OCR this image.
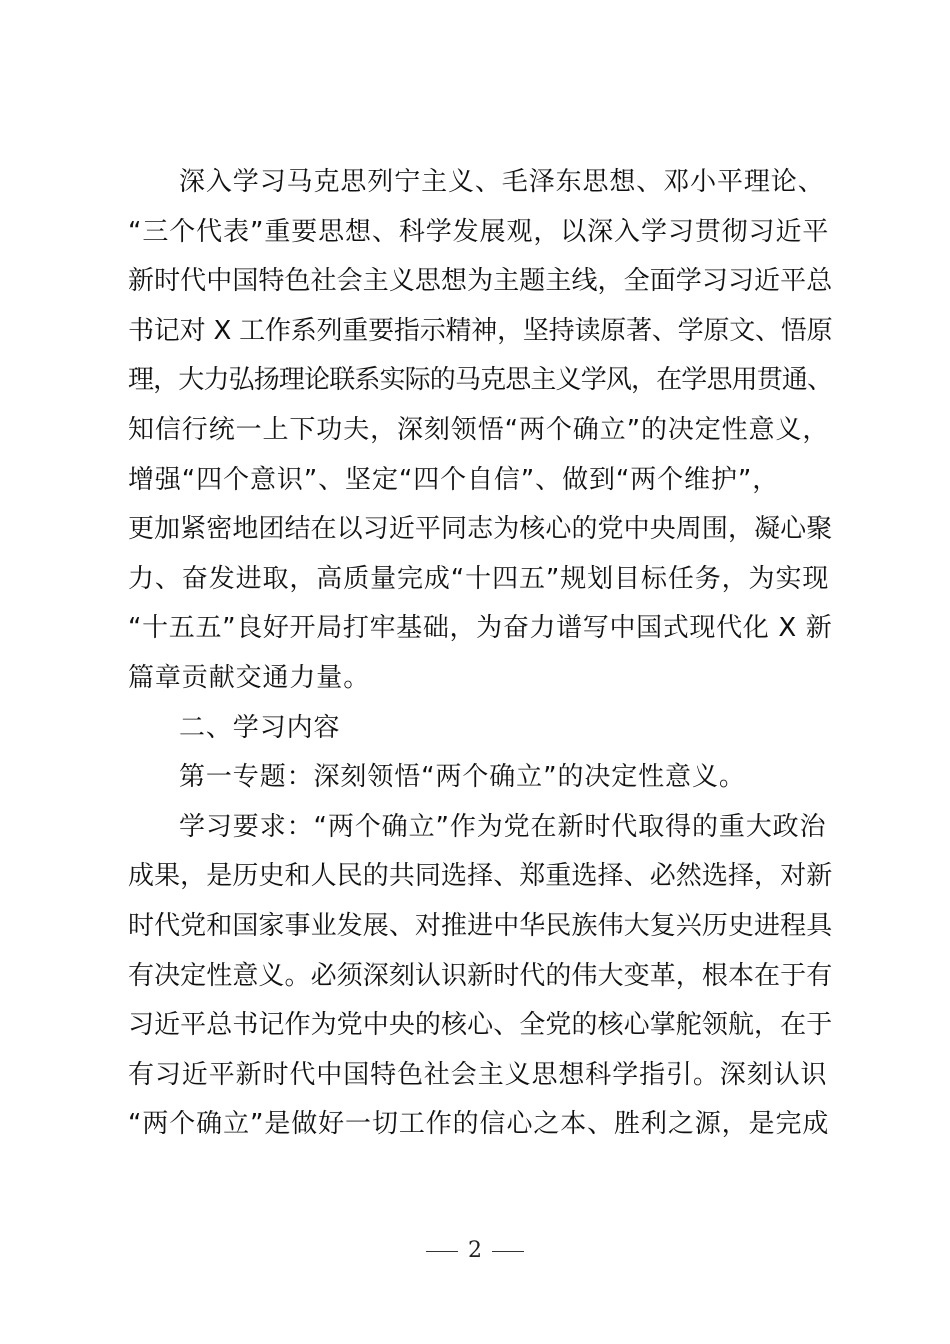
深入学习马克思列宁主义、毛泽东思想、邓小平理论、
“三个代表”重要思想、科学发展观，以深入学习贯彻习近平
新时代中国特色社会主义思想为主题主线，全面学习习近平总
书记对 X 工作系列重要指示精神，坚持读原著、学原文、悟原
理，大力弘扬理论联系实际的马克思主义学风，在学思用贯通、
知信行统一上下功夫，深刻领悟“两个确立”的决定性意义，
增强“四个意识”、坚定“四个自信”、做到“两个维护”，
更加紧密地团结在以习近平同志为核心的党中央周围，凝心聚
力、奋发进取，高质量完成“十四五”规划目标任务，为实现
“十五五”良好开局打牢基础，为奋力谱写中国式现代化 X 新
篇章贡献交通力量。
二、学习内容
第一专题：深刻领悟“两个确立”的决定性意义。
学习要求：“两个确立”作为党在新时代取得的重大政治
成果，是历史和人民的共同选择、郑重选择、必然选择，对新
时代党和国家事业发展、对推进中华民族伟大复兴历史进程具
有决定性意义。必须深刻认识新时代的伟大变革，根本在于有
习近平总书记作为党中央的核心、全党的核心掌舵领航，在于
有习近平新时代中国特色社会主义思想科学指引。深刻认识
“两个确立”是做好一切工作的信心之本、胜利之源，是完成
2
